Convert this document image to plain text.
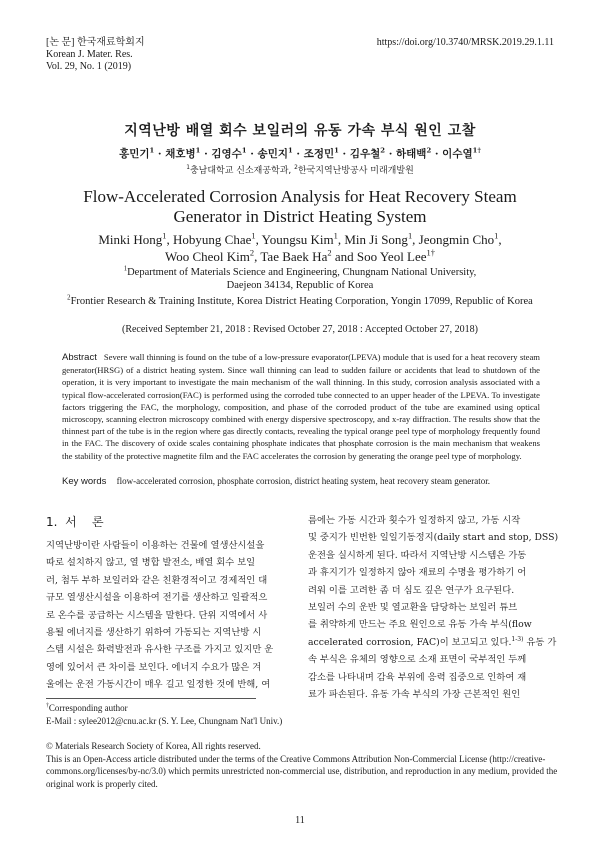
[논 문] 한국재료학회지
Korean J. Mater. Res.
Vol. 29, No. 1 (2019)
https://doi.org/10.3740/MRSK.2019.29.1.11
지역난방 배열 회수 보일러의 유동 가속 부식 원인 고찰
홍민기$^1$ · 채호병$^1$ · 김영수$^1$ · 송민지$^1$ · 조정민$^1$ · 김우철$^2$ · 하태백$^2$ · 이수열$^{1\dagger}$
$^1$충남대학교 신소재공학과, $^2$한국지역난방공사 미래개발원
Flow-Accelerated Corrosion Analysis for Heat Recovery Steam
Generator in District Heating System
Minki Hong$^1$, Hobyung Chae$^1$, Youngsu Kim$^1$, Min Ji Song$^1$, Jeongmin Cho$^1$,
Woo Cheol Kim$^2$, Tae Baek Ha$^2$ and Soo Yeol Lee$^{1\dagger}$
$^1$Department of Materials Science and Engineering, Chungnam National University,
Daejeon 34134, Republic of Korea
$^2$Frontier Research & Training Institute, Korea District Heating Corporation, Yongin 17099, Republic of Korea
(Received September 21, 2018 : Revised October 27, 2018 : Accepted October 27, 2018)
Abstract Severe wall thinning is found on the tube of a low-pressure evaporator(LPEVA) module that is used for a heat recovery steam generator(HRSG) of a district heating system. Since wall thinning can lead to sudden failure or accidents that lead to shutdown of the operation, it is very important to investigate the main mechanism of the wall thinning. In this study, corrosion analysis associated with a typical flow-accelerated corrosion(FAC) is performed using the corroded tube connected to an upper header of the LPEVA. To investigate factors triggering the FAC, the morphology, composition, and phase of the corroded product of the tube are examined using optical microscopy, scanning electron microscopy combined with energy dispersive spectroscopy, and x-ray diffraction. The results show that the thinnest part of the tube is in the region where gas directly contacts, revealing the typical orange peel type of morphology frequently found in the FAC. The discovery of oxide scales containing phosphate indicates that phosphate corrosion is the main mechanism that weakens the stability of the protective magnetite film and the FAC accelerates the corrosion by generating the orange peel type of morphology.
Key words flow-accelerated corrosion, phosphate corrosion, district heating system, heat recovery steam generator.
1. 서    론
지역난방이란 사람들이 이용하는 건물에 열생산시설을
따로 설치하지 않고, 열 병합 발전소, 배열 회수 보일
러, 첨두 부하 보일러와 같은 친환경적이고 경제적인 대
규모 열생산시설을 이용하여 전기를 생산하고 일괄적으
로 온수를 공급하는 시스템을 말한다. 단위 지역에서 사
용될 에너지를 생산하기 위하여 가동되는 지역난방 시
스템 시설은 화력발전과 유사한 구조를 가지고 있지만 운
영에 있어서 큰 차이를 보인다. 에너지 수요가 많은 겨
울에는 운전 가동시간이 매우 길고 일정한 것에 반해, 여
름에는 가동 시간과 횟수가 일정하지 않고, 가동 시작
및 중지가 빈번한 일일기동정지(daily start and stop, DSS)
운전을 실시하게 된다. 따라서 지역난방 시스템은 가동
과 휴지기가 일정하지 않아 재료의 수명을 평가하기 어
려워 이를 고려한 좀 더 심도 깊은 연구가 요구된다.
보일러 수의 운반 및 열교환을 담당하는 보일러 튜브
를 취약하게 만드는 주요 원인으로 유동 가속 부식(flow
accelerated corrosion, FAC)이 보고되고 있다.$^{1-3)}$ 유동 가
속 부식은 유체의 영향으로 소재 표면이 국부적인 두께
감소를 나타내며 감육 부위에 응력 집중으로 인하여 재
료가 파손된다. 유동 가속 부식의 가장 근본적인 원인
†Corresponding author
E-Mail : sylee2012@cnu.ac.kr (S. Y. Lee, Chungnam Nat'l Univ.)
© Materials Research Society of Korea, All rights reserved.
This is an Open-Access article distributed under the terms of the Creative Commons Attribution Non-Commercial License (http://creative-
commons.org/licenses/by-nc/3.0) which permits unrestricted non-commercial use, distribution, and reproduction in any medium, provided the
original work is properly cited.
11
